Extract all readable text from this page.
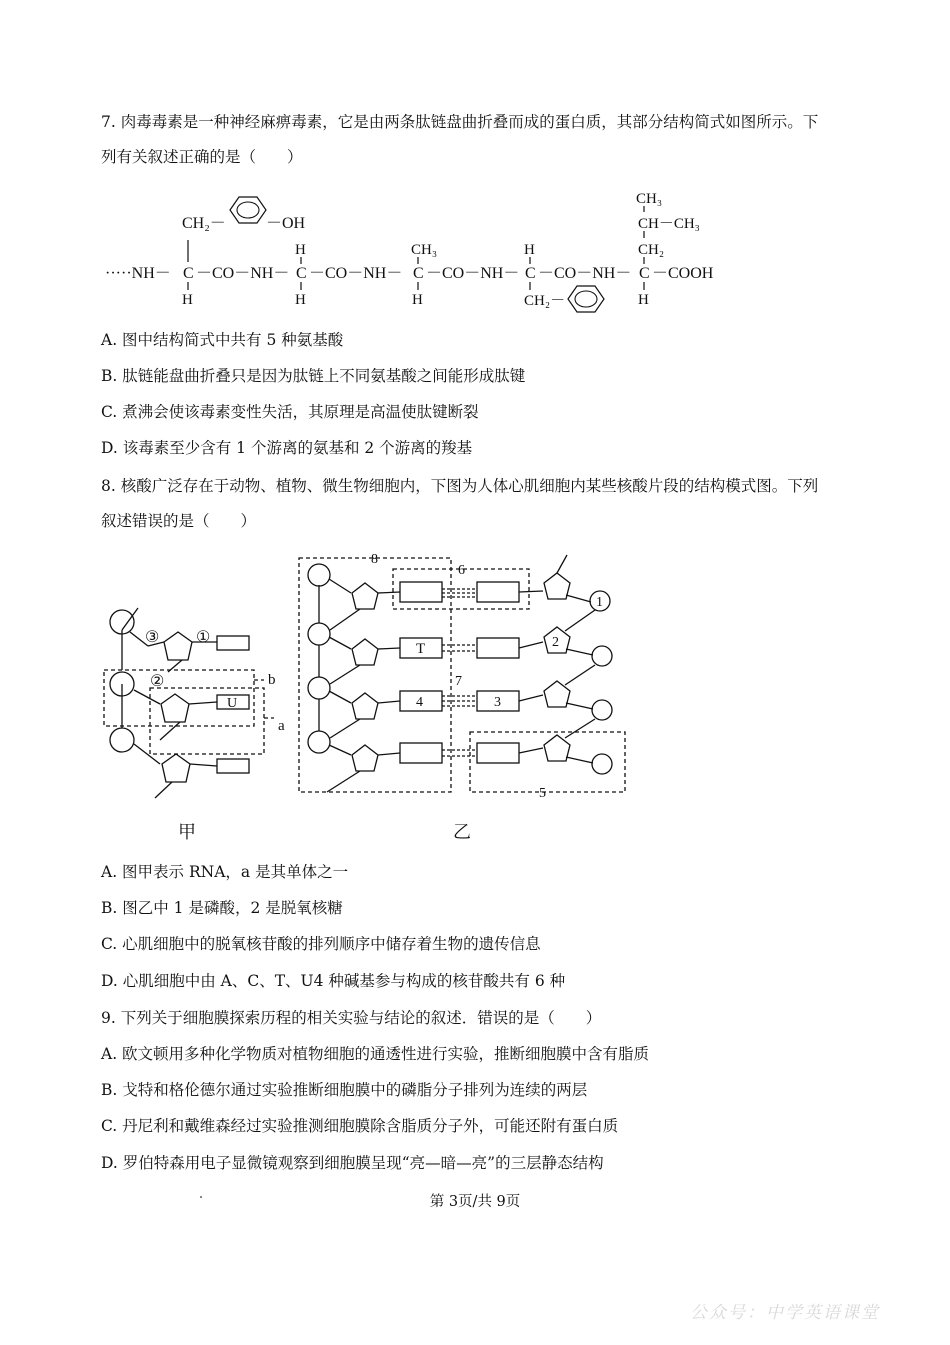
7. 肉毒毒素是一种神经麻痹毒素，它是由两条肽链盘曲折叠而成的蛋白质，其部分结构简式如图所示。下
列有关叙述正确的是（　　）
·····NH－ C
H
CH₂－	－OH
－CO－NH－ C
H
H
－CO－NH－ C
CH₃
H
－CO－NH－ C
H
CH₂－
－CO－NH－ C
CH₃
CH－CH₃
CH₂
H
－COOH
A. 图中结构简式中共有 5 种氨基酸
B. 肽链能盘曲折叠只是因为肽链上不同氨基酸之间能形成肽键
C. 煮沸会使该毒素变性失活，其原理是高温使肽键断裂
D. 该毒素至少含有 1 个游离的氨基和 2 个游离的羧基
8. 核酸广泛存在于动物、植物、微生物细胞内，下图为人体心肌细胞内某些核酸片段的结构模式图。下列
叙述错误的是（　　）
③ ①
②
U
b
a
甲
8
6
1
T	2
7
4	3
5
乙
A. 图甲表示 RNA，a 是其单体之一
B. 图乙中 1 是磷酸，2 是脱氧核糖
C. 心肌细胞中的脱氧核苷酸的排列顺序中储存着生物的遗传信息
D. 心肌细胞中由 A、C、T、U4 种碱基参与构成的核苷酸共有 6 种
9. 下列关于细胞膜探索历程的相关实验与结论的叙述．错误的是（　　）
A. 欧文顿用多种化学物质对植物细胞的通透性进行实验，推断细胞膜中含有脂质
B. 戈特和格伦德尔通过实验推断细胞膜中的磷脂分子排列为连续的两层
C. 丹尼利和戴维森经过实验推测细胞膜除含脂质分子外，可能还附有蛋白质
D. 罗伯特森用电子显微镜观察到细胞膜呈现“亮—暗—亮”的三层静态结构
第 3页/共 9页
公众号：中学英语课堂
